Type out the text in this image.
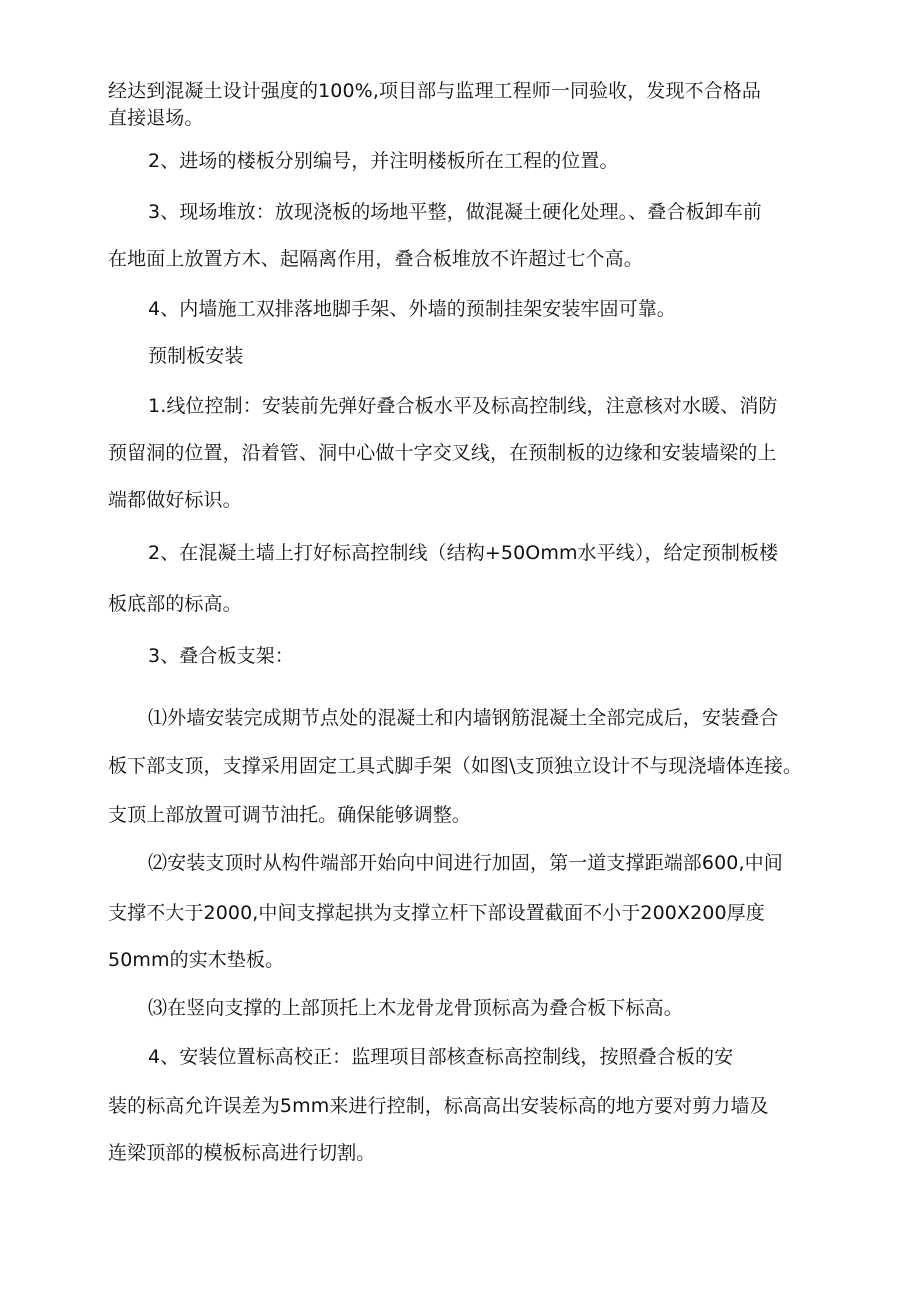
经达到混凝土设计强度的100%,项目部与监理工程师一同验收，发现不合格品

直接退场。

2、进场的楼板分别编号，并注明楼板所在工程的位置。

3、现场堆放：放现浇板的场地平整，做混凝土硬化处理。、叠合板卸车前

在地面上放置方木、起隔离作用，叠合板堆放不许超过七个高。

4、内墙施工双排落地脚手架、外墙的预制挂架安装牢固可靠。

预制板安装

1.线位控制：安装前先弹好叠合板水平及标高控制线，注意核对水暖、消防

预留洞的位置，沿着管、洞中心做十字交叉线，在预制板的边缘和安装墙梁的上

端都做好标识。

2、在混凝土墙上打好标高控制线（结构+50Omm水平线），给定预制板楼

板底部的标高。

3、叠合板支架：

⑴外墙安装完成期节点处的混凝土和内墙钢筋混凝土全部完成后，安装叠合

板下部支顶，支撑采用固定工具式脚手架（如图\支顶独立设计不与现浇墙体连接。

支顶上部放置可调节油托。确保能够调整。

⑵安装支顶时从构件端部开始向中间进行加固，第一道支撑距端部600,中间

支撑不大于2000,中间支撑起拱为支撑立杆下部设置截面不小于200X200厚度

50mm的实木垫板。

⑶在竖向支撑的上部顶托上木龙骨龙骨顶标高为叠合板下标高。

4、安装位置标高校正：监理项目部核查标高控制线，按照叠合板的安

装的标高允许误差为5mm来进行控制，标高高出安装标高的地方要对剪力墙及

连梁顶部的模板标高进行切割。
